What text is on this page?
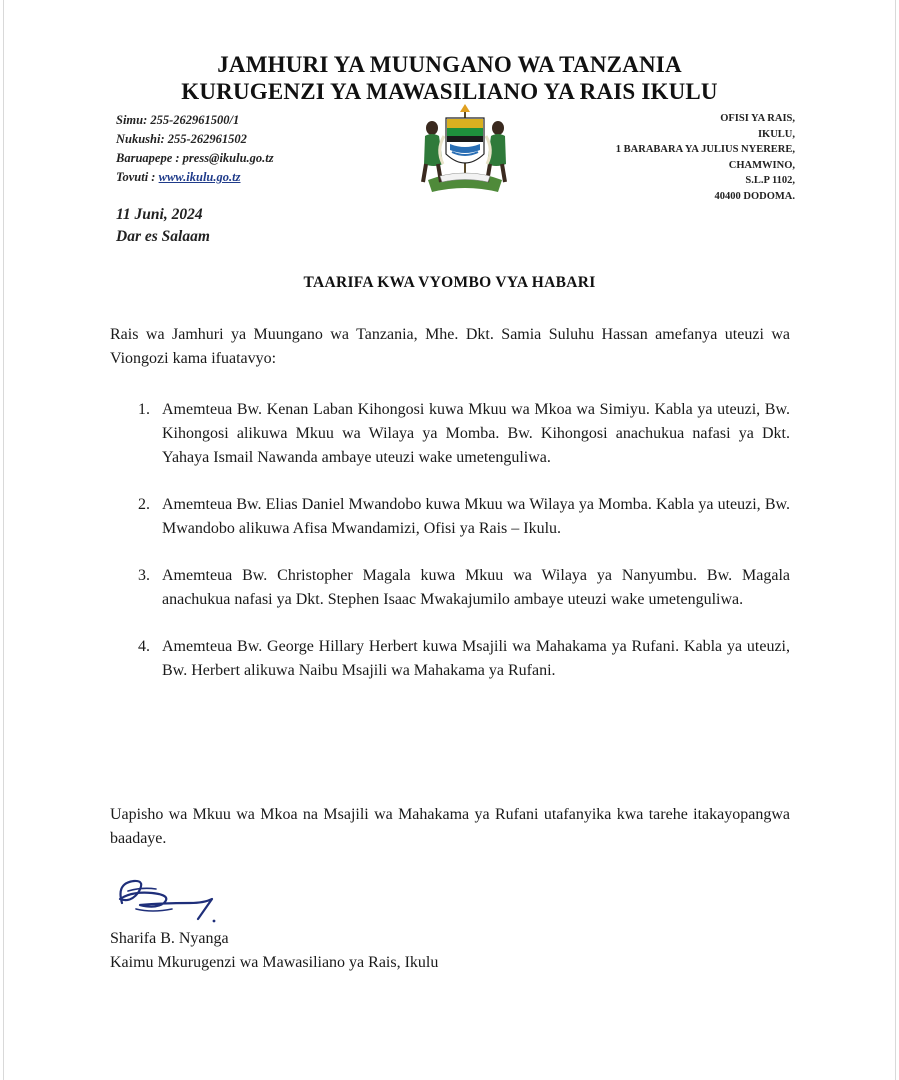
JAMHURI YA MUUNGANO WA TANZANIA
KURUGENZI YA MAWASILIANO YA RAIS IKULU
Simu: 255-262961500/1
Nukushi: 255-262961502
Baruapepe : press@ikulu.go.tz
Tovuti : www.ikulu.go.tz
OFISI YA RAIS,
IKULU,
1 BARABARA YA JULIUS NYERERE,
CHAMWINO,
S.L.P 1102,
40400 DODOMA.
11 Juni, 2024
Dar es Salaam
TAARIFA KWA VYOMBO VYA HABARI
Rais wa Jamhuri ya Muungano wa Tanzania, Mhe. Dkt. Samia Suluhu Hassan amefanya uteuzi wa Viongozi kama ifuatavyo:
1. Amemteua Bw. Kenan Laban Kihongosi kuwa Mkuu wa Mkoa wa Simiyu. Kabla ya uteuzi, Bw. Kihongosi alikuwa Mkuu wa Wilaya ya Momba. Bw. Kihongosi anachukua nafasi ya Dkt. Yahaya Ismail Nawanda ambaye uteuzi wake umetenguliwa.
2. Amemteua Bw. Elias Daniel Mwandobo kuwa Mkuu wa Wilaya ya Momba. Kabla ya uteuzi, Bw. Mwandobo alikuwa Afisa Mwandamizi, Ofisi ya Rais – Ikulu.
3. Amemteua Bw. Christopher Magala kuwa Mkuu wa Wilaya ya Nanyumbu. Bw. Magala anachukua nafasi ya Dkt. Stephen Isaac Mwakajumilo ambaye uteuzi wake umetenguliwa.
4. Amemteua Bw. George Hillary Herbert kuwa Msajili wa Mahakama ya Rufani. Kabla ya uteuzi, Bw. Herbert alikuwa Naibu Msajili wa Mahakama ya Rufani.
Uapisho wa Mkuu wa Mkoa na Msajili wa Mahakama ya Rufani utafanyika kwa tarehe itakayopangwa baadaye.
Sharifa B. Nyanga
Kaimu Mkurugenzi wa Mawasiliano ya Rais, Ikulu
